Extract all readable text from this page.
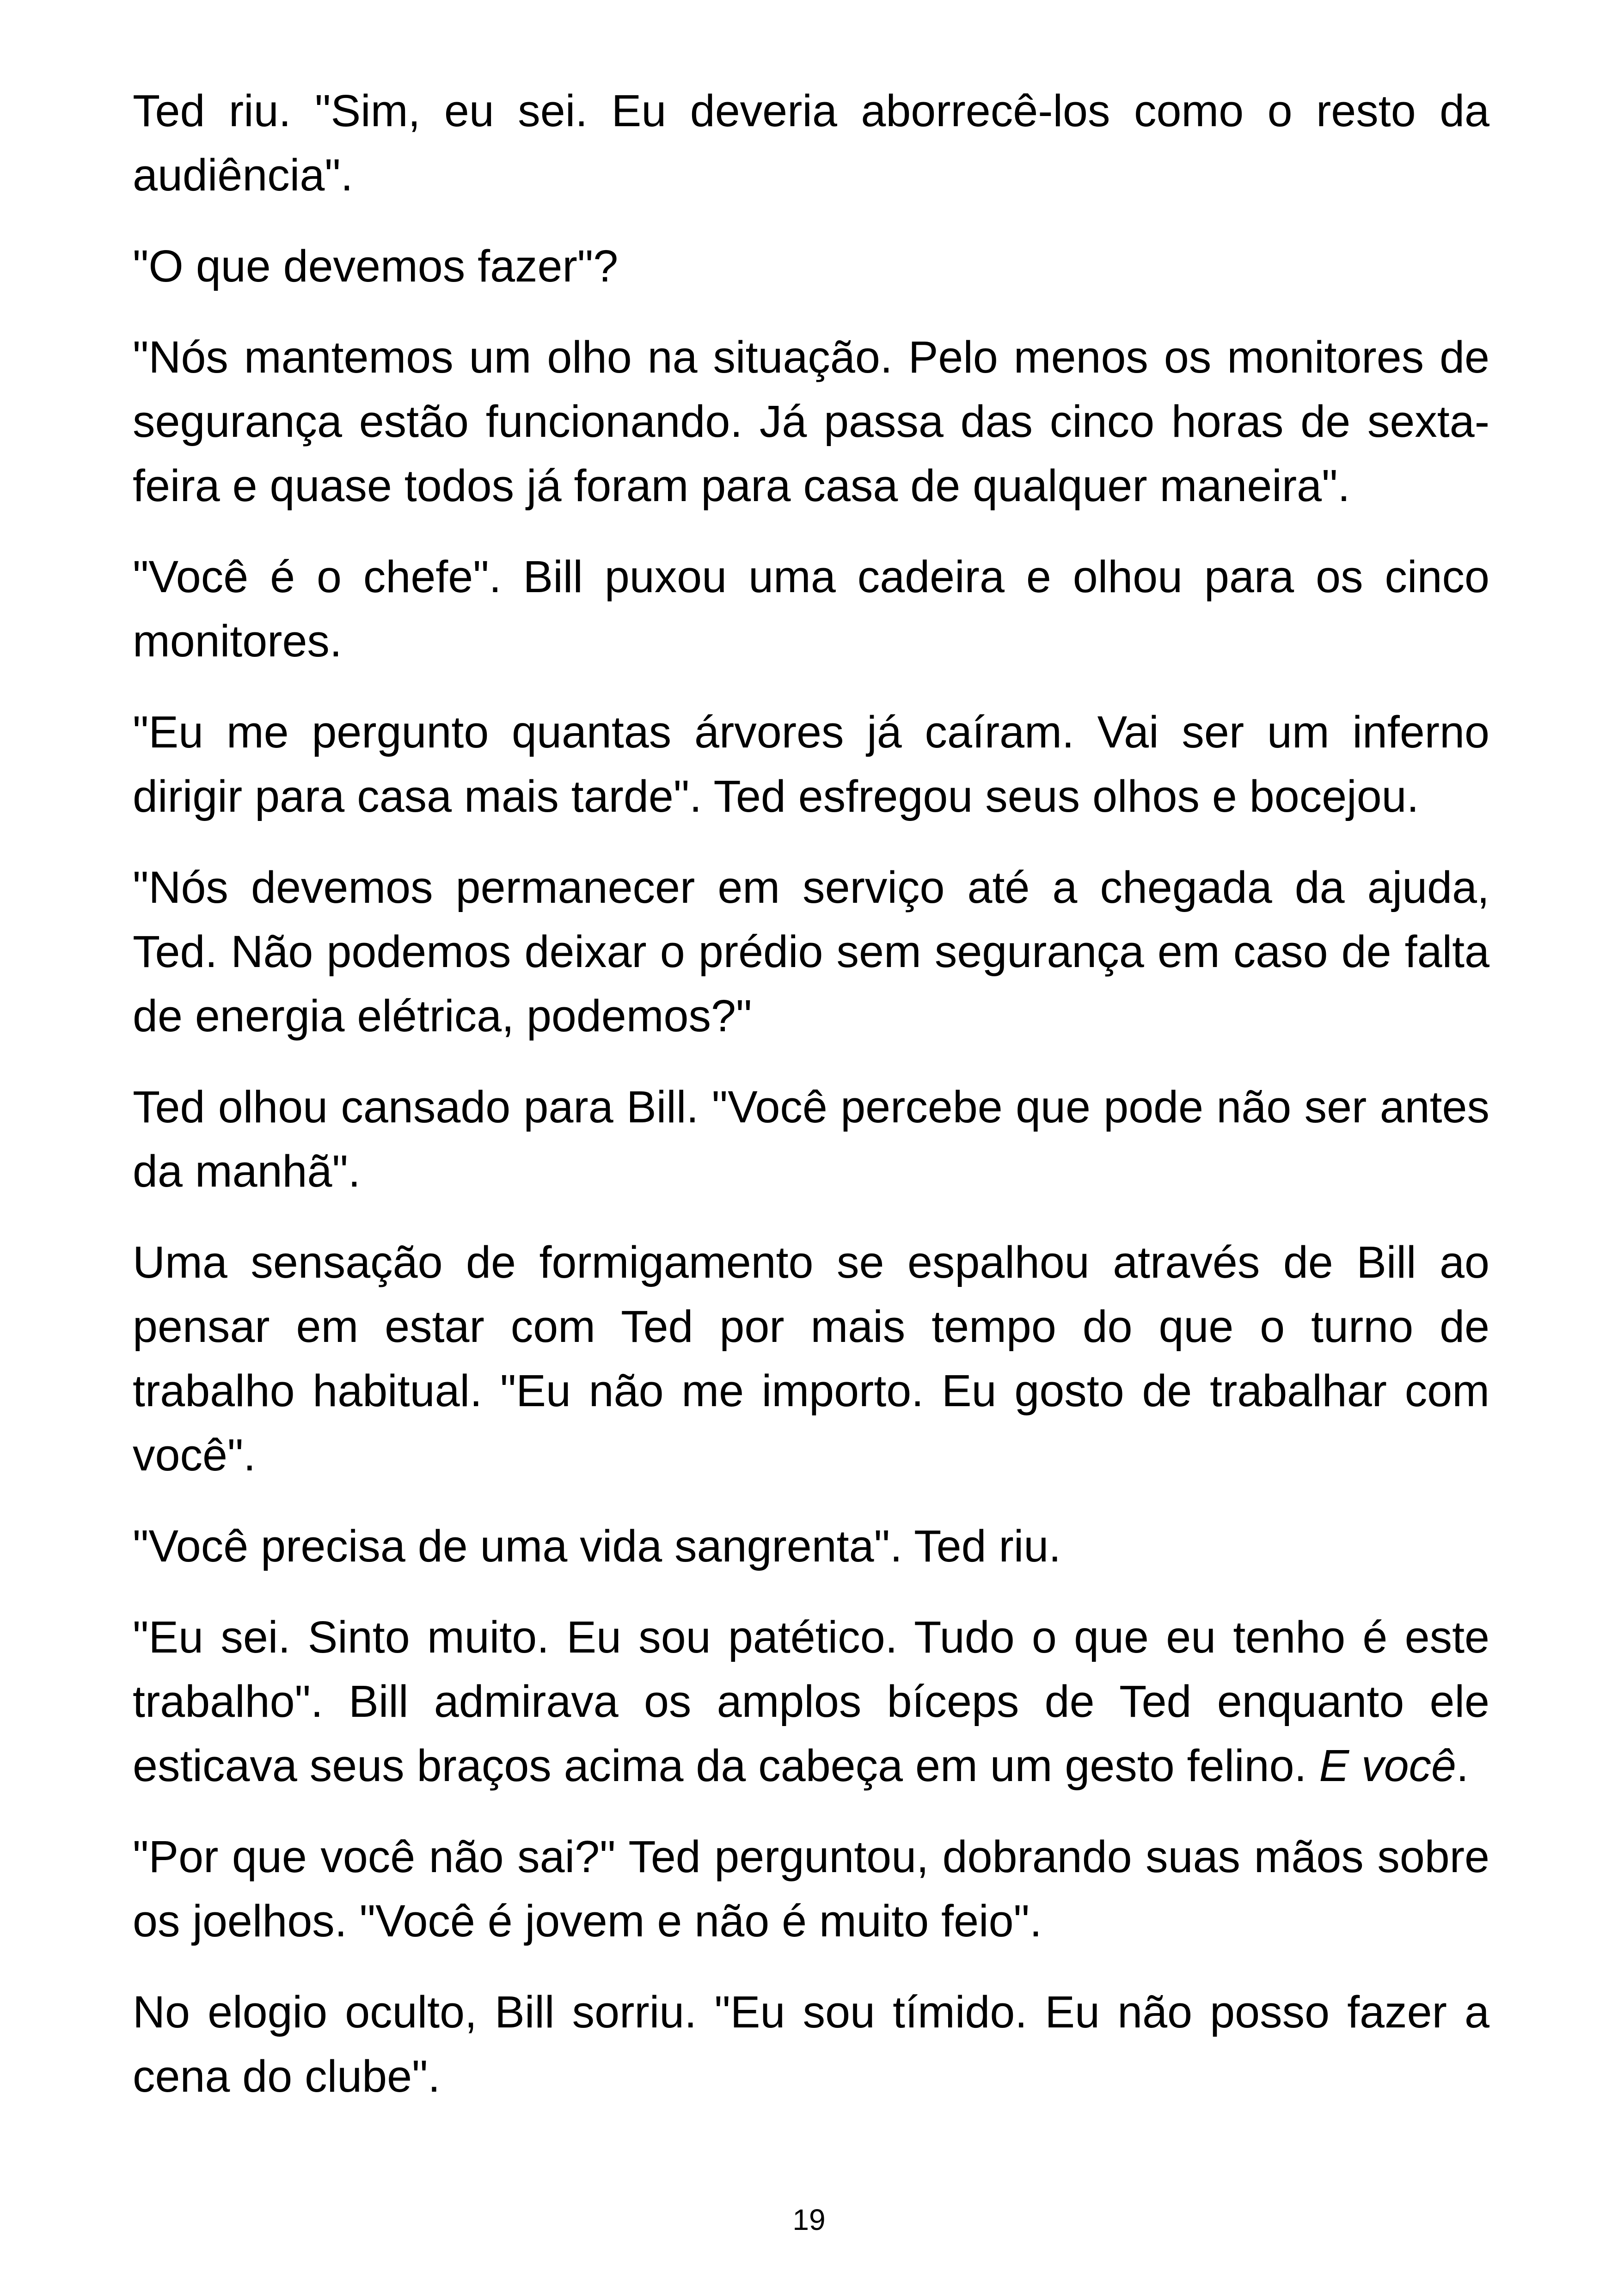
Ted riu. "Sim, eu sei. Eu deveria aborrecê-los como o resto da audiência".

"O que devemos fazer"?

"Nós mantemos um olho na situação. Pelo menos os monitores de segurança estão funcionando. Já passa das cinco horas de sexta-feira e quase todos já foram para casa de qualquer maneira".

"Você é o chefe". Bill puxou uma cadeira e olhou para os cinco monitores.

"Eu me pergunto quantas árvores já caíram. Vai ser um inferno dirigir para casa mais tarde". Ted esfregou seus olhos e bocejou.

"Nós devemos permanecer em serviço até a chegada da ajuda, Ted. Não podemos deixar o prédio sem segurança em caso de falta de energia elétrica, podemos?"

Ted olhou cansado para Bill. "Você percebe que pode não ser antes da manhã".

Uma sensação de formigamento se espalhou através de Bill ao pensar em estar com Ted por mais tempo do que o turno de trabalho habitual. "Eu não me importo. Eu gosto de trabalhar com você".

"Você precisa de uma vida sangrenta". Ted riu.

"Eu sei. Sinto muito. Eu sou patético. Tudo o que eu tenho é este trabalho". Bill admirava os amplos bíceps de Ted enquanto ele esticava seus braços acima da cabeça em um gesto felino. E você.

"Por que você não sai?" Ted perguntou, dobrando suas mãos sobre os joelhos. "Você é jovem e não é muito feio".

No elogio oculto, Bill sorriu. "Eu sou tímido. Eu não posso fazer a cena do clube".

19
